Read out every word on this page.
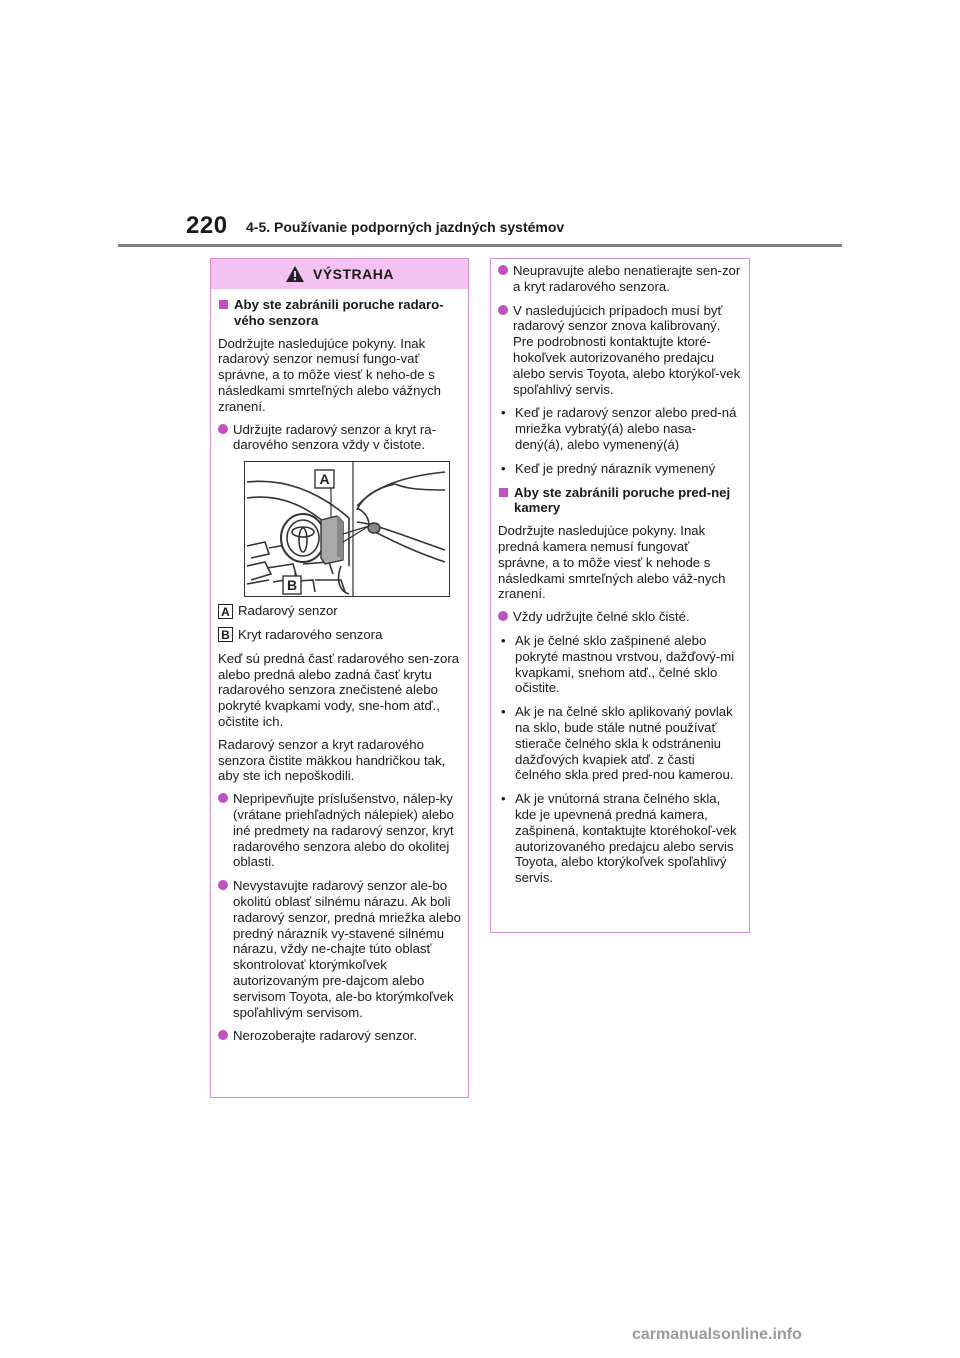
220 4-5. Používanie podporných jazdných systémov
VÝSTRAHA
Aby ste zabránili poruche radaro-vého senzora
Dodržujte nasledujúce pokyny. Inak radarový senzor nemusí fungo-vať správne, a to môže viesť k neho-de s následkami smrteľných alebo vážnych zranení.
Udržujte radarový senzor a kryt ra-darového senzora vždy v čistote.
A
B
A Radarový senzor
B Kryt radarového senzora
Keď sú predná časť radarového sen-zora alebo predná alebo zadná časť krytu radarového senzora znečistené alebo pokryté kvapkami vody, sne-hom atď., očistite ich.
Radarový senzor a kryt radarového senzora čistite mäkkou handričkou tak, aby ste ich nepoškodili.
Nepripevňujte príslušenstvo, nálep-ky (vrátane priehľadných nálepiek) alebo iné predmety na radarový senzor, kryt radarového senzora alebo do okolitej oblasti.
Nevystavujte radarový senzor ale-bo okolitú oblasť silnému nárazu. Ak boli radarový senzor, predná mriežka alebo predný nárazník vy-stavené silnému nárazu, vždy ne-chajte túto oblasť skontrolovať ktorýmkoľvek autorizovaným pre-dajcom alebo servisom Toyota, ale-bo ktorýmkoľvek spoľahlivým servisom.
Nerozoberajte radarový senzor.
Neupravujte alebo nenatierajte sen-zor a kryt radarového senzora.
V nasledujúcich prípadoch musí byť radarový senzor znova kalibrovaný. Pre podrobnosti kontaktujte ktoré-hokoľvek autorizovaného predajcu alebo servis Toyota, alebo ktorýkoľ-vek spoľahlivý servis.
• Keď je radarový senzor alebo pred-ná mriežka vybratý(á) alebo nasa-dený(á), alebo vymenený(á)
• Keď je predný nárazník vymenený
Aby ste zabránili poruche pred-nej kamery
Dodržujte nasledujúce pokyny. Inak predná kamera nemusí fungovať správne, a to môže viesť k nehode s následkami smrteľných alebo váž-nych zranení.
Vždy udržujte čelné sklo čisté.
• Ak je čelné sklo zašpinené alebo pokryté mastnou vrstvou, dažďový-mi kvapkami, snehom atď., čelné sklo očistite.
• Ak je na čelné sklo aplikovaný povlak na sklo, bude stále nutné používať stierače čelného skla k odstráneniu dažďových kvapiek atď. z časti čelného skla pred pred-nou kamerou.
• Ak je vnútorná strana čelného skla, kde je upevnená predná kamera, zašpinená, kontaktujte ktoréhokoľ-vek autorizovaného predajcu alebo servis Toyota, alebo ktorýkoľvek spoľahlivý servis.
carmanualsonline.info
